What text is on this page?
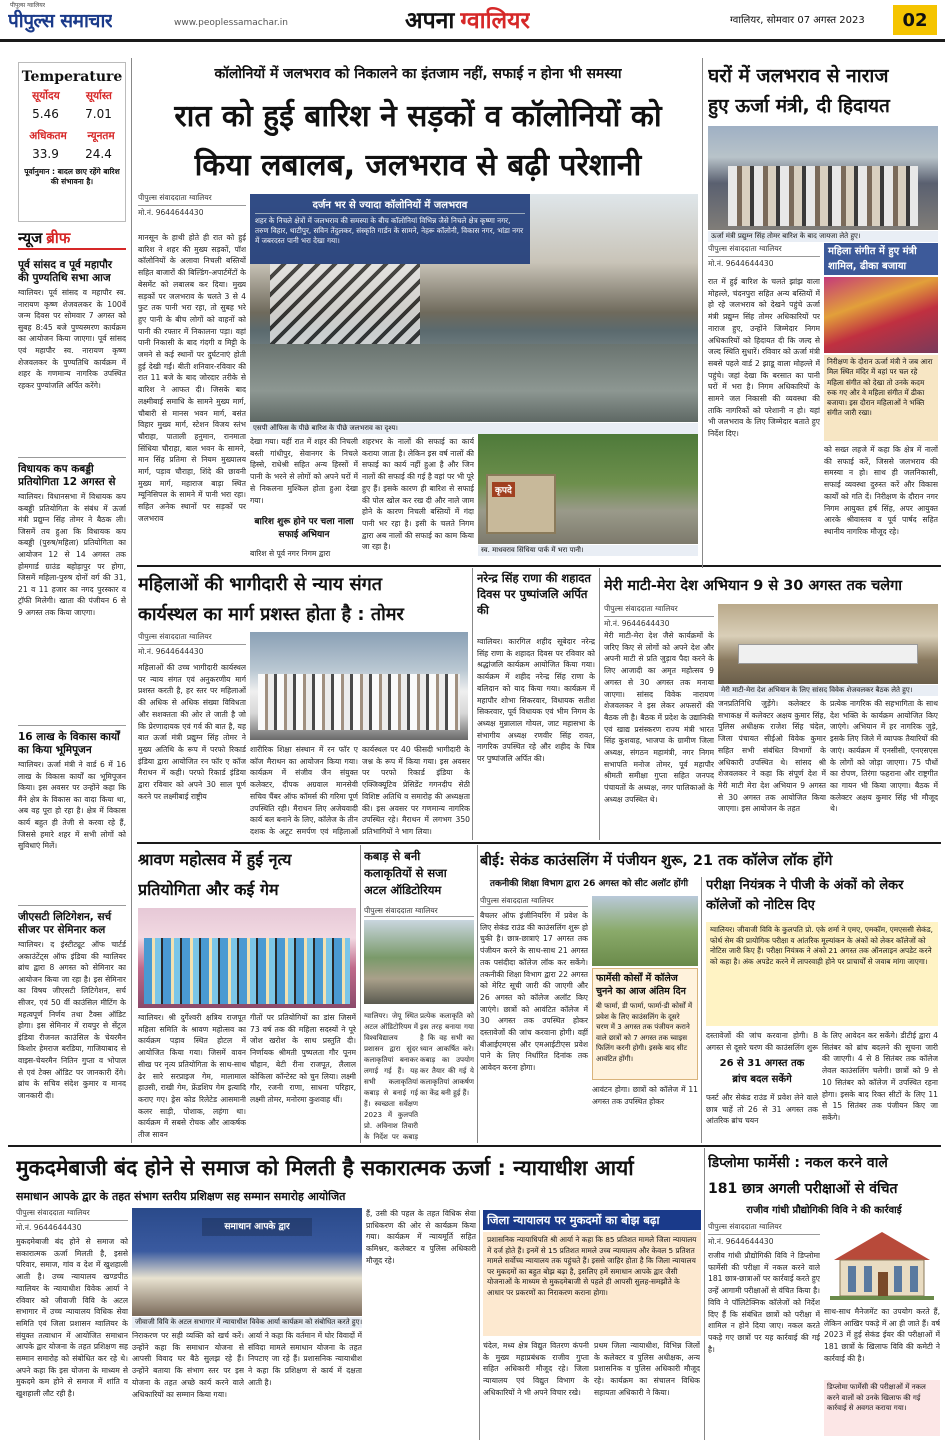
पीपुल्स ग्वालियर
पीपुल्स समाचार	www.peoplessamachar.in	अपना ग्वालियर	ग्वालियर, सोमवार 07 अगस्त 2023	02
Temperature
सूर्योदय सूर्यास्त
5.46 7.01
अधिकतम न्यूनतम
33.9 24.4
पूर्वानुमान : बादल छाए रहेंगे बारिश की संभावना है।
न्यूज ब्रीफ
पूर्व सांसद व पूर्व महापौर की पुण्यतिथि सभा आज
ग्वालियर। पूर्व सांसद व महापौर स्व. नारायण कृष्ण शेजवलकर के 100वें जन्म दिवस पर सोमवार 7 अगस्त को सुबह 8:45 बजे पुण्यस्मरण कार्यक्रम का आयोजन किया जाएगा। पूर्व सांसद एवं महापौर स्व. नारायण कृष्ण शेजवलकर के पुण्यतिथि कार्यक्रम में शहर के गणमान्य नागरिक उपस्थित रहकर पुण्यांजलि अर्पित करेंगे।
विधायक कप कबड्डी प्रतियोगिता 12 अगस्त से
ग्वालियर। विधानसभा में विधायक कप कबड्डी प्रतियोगिता के संबंध में ऊर्जा मंत्री प्रद्युम्न सिंह तोमर ने बैठक ली। जिसमें तय हुआ कि विधायक कप कबड्डी (पुरुष/महिला) प्रतियोगिता का आयोजन 12 से 14 अगस्त तक होमगार्ड ग्राउंड बहोड़ापुर पर होगा, जिसमें महिला-पुरुष दोनों वर्ग की 31, 21 व 11 हजार का नगद पुरस्कार व ट्रॉफी मिलेगी। खाता की पंजीयन 6 से 9 अगस्त तक किया जाएगा।
16 लाख के विकास कार्यों का किया भूमिपूजन
ग्वालियर। ऊर्जा मंत्री ने वार्ड 6 में 16 लाख के विकास कार्यों का भूमिपूजन किया। इस अवसर पर उन्होंने कहा कि मैंने क्षेत्र के विकास का वादा किया था, अब वह पूरा हो रहा है। क्षेत्र में विकास कार्य बहुत ही तेजी से करवा रहे हैं, जिससे हमारे शहर में सभी लोगों को सुविधाएं मिलें।
जीएसटी लिटिगेशन, सर्च सीजर पर सेमिनार कल
ग्वालियर। द इंस्टीट्यूट ऑफ चार्टर्ड अकाउंटेंट्स ऑफ इंडिया की ग्वालियर ब्रांच द्वारा 8 अगस्त को सेमिनार का आयोजन किया जा रहा है। इस सेमिनार का विषय जीएसटी लिटिगेशन, सर्च सीजर, एवं 50 वीं काउंसिल मीटिंग के महत्वपूर्ण निर्णय तथा टैक्स ऑडिट होगा। इस सेमिनार में रायपुर से सेंट्रल इंडिया रीजनल काउंसिल के चेयरमैन किशोर हेमराज बरडिया, गाजियाबाद से वाइस-चेयरमैन नितिन गुप्ता व भोपाल से एवं टेक्स ऑडिट पर जानकारी देंगे। ब्रांच के सचिव संदेश कुमार व मानद जानकारी दी।
कॉलोनियों में जलभराव को निकालने का इंतजाम नहीं, सफाई न होना भी समस्या
रात को हुई बारिश ने सड़कों व कॉलोनियों को
किया लबालब, जलभराव से बढ़ी परेशानी
पीपुल्स संवाददाता ग्वालियर
मो.नं. 9644644430
मानसून के हाथी होते ही रात को हुई बारिश ने शहर की मुख्य सड़कों, पॉश कॉलोनियों के अलावा निचली बस्तियों सहित बाजारों की बिल्डिंग-अपार्टमेंटों के बेसमेंट को लबालब कर दिया। मुख्य सड़कों पर जलभराव के चलते 3 से 4 फुट तक पानी भरा रहा, तो सुबह भरे हुए पानी के बीच लोगों को वाहनों को पानी की रफ्तार में निकालना पड़ा। वहां पानी निकासी के बाद गंदगी व मिट्टी के जमने से कई स्थानों पर दुर्घटनाएं होती हुई देखी गईं। बीती शनिवार-रविवार की रात 11 बजे के बाद जोरदार तरीके से बारिश ने आफत दी। जिसके बाद लक्ष्मीबाई समाधि के सामने मुख्य मार्ग, चौबारी से मानस भवन मार्ग, बसंत विहार मुख्य मार्ग, स्टेशन विजय स्तंभ चौराहा, पाताली हनुमान, रानमाता सिंधिया चौराहा, बाल भवन के सामने, मान सिंह प्रतिमा से नियम मुख्यालय मार्ग, पड़ाव चौराहा, शिंदे की छावनी मुख्य मार्ग, महाराज बाड़ा स्थित म्यूनिसिपल के सामने में पानी भरा रहा। सहित अनेक स्थानों पर सड़कों पर जलभराव
दर्जन भर से ज्यादा कॉलोनियों में जलभराव
शहर के निचले क्षेत्रों में जलभराव की समस्या के बीच कॉलोनियां विभिन्न जैसे निचले क्षेत्र कृष्णा नगर, तरुण विहार, थाटीपुर, सविन तेंदुलकर, संस्कृति गार्डन के सामने, नेहरू कॉलोनी, विकास नगर, भांडा नगर में जबरदस्त पानी भरा देखा गया।
एसपी ऑफिस के पीछे बारिश के पीछे जलभराव का दृश्य।
देखा गया। यहीं रात में शहर की निचली बस्ती गांधीपुर, सेवानगर के निचले हिस्से, राधेश्री सहित अन्य हिस्सों में पानी के भरने से लोगों को अपने घरों में से निकलना मुश्किल होता हुआ देखा गया।
बारिश शुरू होने पर चला नाला सफाई अभियान
बारिश से पूर्व नगर निगम द्वारा
शहरभर के नालों की सफाई का कार्य कराया जाता है। लेकिन इस वर्ष नालों की सफाई का कार्य नहीं हुआ है और जिन नालों की सफाई की गई है वहां पर भी पूरे हुए हैं। इसके कारण ही बारिश से सफाई की पोल खोल कर रख दी और नाले जाम होने के कारण निचली बस्तियों में गंदा पानी भर रहा है। इसी के चलते निगम द्वारा अब नालों की सफाई का काम किया जा रहा है।
कृपदे
स्व. माधवराव सिंधिया पार्क में भरा पानी।
घरों में जलभराव से नाराज
हुए ऊर्जा मंत्री, दी हिदायत
ऊर्जा मंत्री प्रद्युम्न सिंह तोमर बारिश के बाद जायजा लेते हुए।
पीपुल्स संवाददाता ग्वालियर
मो.नं. 9644644430
रात में हुई बारिश के चलते झांझ वाला मोहल्ले, चंदनपुरा सहित अन्य बस्तियों में हो रहे जलभराव को देखने पहुंचे ऊर्जा मंत्री प्रद्युम्न सिंह तोमर अधिकारियों पर नाराज हुए, उन्होंने जिम्मेदार निगम अधिकारियों को हिदायत दी कि जल्द से जल्द स्थिति सुधारें। रविवार को ऊर्जा मंत्री सबसे पहले वार्ड 2 झाडू वाला मोहल्ले में पहुंचे। जहां देखा कि बरसात का पानी घरों में भरा है। निगम अधिकारियों के सामने जल निकासी की व्यवस्था की ताकि नागरिकों को परेशानी न हो। यहां भी जलभराव के लिए जिम्मेदार बताते हुए निर्देश दिए।
महिला संगीत में हुए मंत्री शामिल, ढीका बजाया
निरीक्षण के दौरान ऊर्जा मंत्री ने जब आरा मिल स्थित मंदिर में वहां पर चल रहे महिला संगीत को देखा तो उनके कदम रुक गए और वे महिला संगीत में ढीका बजाया। इस दौरान महिलाओं ने भक्ति संगीत जारी रखा।
को सख्त लहजे में कहा कि क्षेत्र में नालों की सफाई करें, जिससे जलभराव की समस्या न हो। साथ ही जलनिकासी, सफाई व्यवस्था दुरुस्त करें और विकास कार्यों को गति दें। निरीक्षण के दौरान नगर निगम आयुक्त हर्ष सिंह, अपर आयुक्त आरके श्रीवास्तव व पूर्व पार्षद सहित स्थानीय नागरिक मौजूद रहे।
महिलाओं की भागीदारी से न्याय संगत
कार्यस्थल का मार्ग प्रशस्त होता है : तोमर
पीपुल्स संवाददाता ग्वालियर
मो.नं. 9644644430
महिलाओं की उच्च भागीदारी कार्यस्थल पर न्याय संगत एवं अनुकरणीय मार्ग प्रशस्त करती है, हर स्तर पर महिलाओं की अधिक से अधिक संख्या विविधता और सशक्तता की ओर ले जाती है जो कि प्रेरणादायक एवं गर्व की बात है, यह बात ऊर्जा मंत्री प्रद्युम्न सिंह तोमर ने मुख्य अतिथि के रूप में परफो रिकार्ड इंडिया द्वारा आयोजित रन फॉर ए कॉज मैराथन में कही। परफो रिकार्ड इंडिया द्वारा रविवार को अपने 30 साल पूर्ण करने पर लक्ष्मीबाई राष्ट्रीय
शारीरिक शिक्षा संस्थान में रन फॉर ए कॉज मैराथन का आयोजन किया गया। कार्यक्रम में संजीव जैन संयुक्त कलेक्टर, दीपक अग्रवाल मानसेवी सचिव चैंबर ऑफ कॉमर्स की गरिमा पूर्ण उपस्थिति रही। मैराथन लिए अजेयवादी कार्य बल बनाने के लिए, कॉलेज के तीन दशक के अटूट समर्पण एवं महिलाओं
कार्यस्थल पर 40 फीसदी भागीदारी के जश्न के रूप में किया गया। इस अवसर पर परफो रिकार्ड इंडिया के एक्जिक्यूटिव प्रेसिडेंट गगनदीप सेठी विशिष्ट अतिथि व समारोह की अध्यक्षता की। इस अवसर पर गणमान्य नागरिक उपस्थित रहे। मैराथन में लगभग 350 प्रतिभागियों ने भाग लिया।
नरेन्द्र सिंह राणा की शहादत दिवस पर पुष्पांजलि अर्पित की
ग्वालियर। कारगिल शहीद सूबेदार नरेन्द्र सिंह राणा के शहादत दिवस पर रविवार को श्रद्धांजलि कार्यक्रम आयोजित किया गया। कार्यक्रम में शहीद नरेन्द्र सिंह राणा के बलिदान को याद किया गया। कार्यक्रम में महापौर शोभा सिकरवार, विधायक सतीश सिकरवार, पूर्व विधायक एवं भीम निगम के अध्यक्ष मुन्नालाल गोयल, जाट महासभा के संभागीय अध्यक्ष रणवीर सिंह रावत, नागरिक उपस्थित रहे और शहीद के चित्र पर पुष्पांजलि अर्पित की।
मेरी माटी-मेरा देश अभियान 9 से 30 अगस्त तक चलेगा
पीपुल्स संवाददाता ग्वालियर
मो.नं. 9644644430
मेरी माटी-मेरा देश जैसे कार्यक्रमों के जरिए किए से लोगों को अपने देश और अपनी माटी से प्रति जुड़ाव पैदा करने के लिए आजादी का अमृत महोत्सव 9 अगस्त से 30 अगस्त तक मनाया जाएगा। सांसद विवेक नारायण शेजवलकर ने इस लेकर अफसरों की बैठक ली है। बैठक में प्रदेश के उद्यानिकी एवं खाद्य प्रसंस्करण राज्य मंत्री भारत सिंह कुशवाह, भाजपा के ग्रामीण जिला अध्यक्ष, संगठन महामंत्री, नगर निगम सभापति मनोज तोमर, पूर्व महापौर श्रीमती समीक्षा गुप्ता सहित जनपद पंचायतों के अध्यक्ष, नगर पालिकाओं के अध्यक्ष उपस्थित थे।
मेरी माटी-मेरा देश अभियान के लिए सांसद विवेक शेजवलकर बैठक लेते हुए।
जनप्रतिनिधि जुड़ेंगे। कलेक्टर के सभाकक्ष में कलेक्टर अक्षय कुमार सिंह, पुलिस अधीक्षक राजेश सिंह चंदेल, जिला पंचायत सीईओ विवेक कुमार सहित सभी संबंधित विभागों के अधिकारी उपस्थित थे। सांसद श्री शेजवलकर ने कहा कि संपूर्ण देश में मेरी माटी मेरा देश अभियान 9 अगस्त से 30 अगस्त तक आयोजित किया जाएगा। इस आयोजन के तहत
प्रत्येक नागरिक की सहभागिता के साथ देश भक्ति के कार्यक्रम आयोजित किए जाएंगे। अभियान में हर नागरिक जुड़े, इसके लिए जिले में व्यापक तैयारियों की जाएं। कार्यक्रम में एनसीसी, एनएसएस के लोगों को जोड़ा जाएगा। 75 पौधों का रोपण, तिरंगा फहराना और राष्ट्रगीत का गायन भी किया जाएगा। बैठक में कलेक्टर अक्षय कुमार सिंह भी मौजूद थे।
श्रावण महोत्सव में हुई नृत्य
प्रतियोगिता और कई गेम
ग्वालियर। श्री दुर्गेश्वरी क्षत्रिय राजपूत महिला समिति के श्रावण महोत्सव का कार्यक्रम पड़ाव स्थित होटल में आयोजित किया गया। जिसमें वावन सीख पर नृत्य प्रतियोगिता के साथ-साथ ढेर सारे सरप्राइज गेम, मालामाल हाउसी, राखी गेम, फ्रेंडशिप गेम इत्यादि कराए गए। ड्रेस कोड रिलेटेड आसमानी कलर साड़ी, पोशाक, लहंगा था। कार्यक्रम में सबसे रोचक और आकर्षक तीज सावन
गीतों पर प्रतियोगियों का डांस जिसमें 73 वर्ष तक की महिला सदस्यों ने पूरे जोश खरोश के साथ प्रस्तुति दी। निर्णायक श्रीमती पुष्पलता गौर पूनम चौहान, बेटी रीना राजपूत, लैलाल कोकिला कॉन्टेस्ट को चुन लिया। लक्ष्मी गौर, रजनी राणा, साधना परिहार, लक्ष्मी तोमर, मनोरमा कुशवाह थीं।
कबाड़ से बनी
कलाकृतियों से सजा
अटल ऑडिटोरियम
पीपुल्स संवाददाता ग्वालियर
ग्वालियर। जेयू स्थित अटल ऑडिटोरियम में विश्वविद्यालय प्रशासन द्वारा सुंदर कलाकृतियां बनाकर लगाई गई हैं। यह सभी कलाकृतियां कबाड़ से बनाई गई हैं। स्वच्छता सर्वेक्षण 2023 में कुलपति प्रो. अविनाश तिवारी के निर्देश पर कबाड़
प्रत्येक कलाकृति को इस तरह बनाया गया है कि वह सभी का ध्यान आकर्षित करे। कबाड़ का उपयोग कर तैयार की गई ये कलाकृतियां आकर्षण का केंद्र बनी हुई हैं।
बीई: सेकंड काउंसलिंग में पंजीयन शुरू, 21 तक कॉलेज लॉक होंगे
तकनीकी शिक्षा विभाग द्वारा 26 अगस्त को सीट अलॉट होंगी
पीपुल्स संवाददाता ग्वालियर
बैचलर ऑफ इंजीनियरिंग में प्रवेश के लिए सेकंड राउंड की काउंसलिंग शुरू हो चुकी है। छात्र-छात्राएं 17 अगस्त तक पंजीयन करने के साथ-साथ 21 अगस्त तक पसंदीदा कॉलेज लॉक कर सकेंगे। तकनीकी शिक्षा विभाग द्वारा 22 अगस्त को मेरिट सूची जारी की जाएगी और 26 अगस्त को कॉलेज अलॉट किए जाएंगे। छात्रों को आवंटित कॉलेज में 30 अगस्त तक उपस्थित होकर दस्तावेजों की जांच करवाना होगी। वहीं बीआईएमएस और एमआईटीएस प्रवेश पाने के लिए निर्धारित दिनांक तक आवेदन करना होगा।
फार्मेसी कोर्सों में कॉलेज चुनने का आज अंतिम दिन
बी फार्मा, डी फार्मा, फार्मा-डी कोर्सों में प्रवेश के लिए काउंसलिंग के दूसरे चरण में 3 अगस्त तक पंजीयन कराने वाले छात्रों को 7 अगस्त तक च्वाइस फिलिंग करनी होगी। इसके बाद सीट आवंटित होंगी।
आवंटन होगा। छात्रों को कॉलेज में 11 अगस्त तक उपस्थित होकर
परीक्षा नियंत्रक ने पीजी के अंकों को लेकर कॉलेजों को नोटिस दिए
ग्वालियर। जीवाजी विवि के कुलपति प्रो. एके शर्मा ने एमए, एमकॉम, एमएससी सेकंड, फोर्थ सेम की प्रायोगिक परीक्षा व आंतरिक मूल्यांकन के अंकों को लेकर कॉलेजों को नोटिस जारी किए हैं। परीक्षा नियंत्रक ने अंको 21 अगस्त तक ऑनलाइन अपडेट करने को कहा है। अंक अपडेट करने में लापरवाही होने पर प्राचार्यों से जवाब मांगा जाएगा।
दस्तावेजों की जांच करवाना होगी। 8 अगस्त से दूसरे चरण की काउंसलिंग शुरू
26 से 31 अगस्त तक
ब्रांच बदल सकेंगे
फर्स्ट और सेकंड राउंड में प्रवेश लेने वाले छात्र चाहें तो 26 से 31 अगस्त तक आंतरिक ब्रांच चयन
के लिए आवेदन कर सकेंगे। डीटीई द्वारा 4 सितंबर को ब्रांच बदलने की सूचना जारी की जाएगी। 4 से 8 सितंबर तक कॉलेज लेवल काउंसलिंग चलेगी। छात्रों को 9 से 10 सितंबर को कॉलेज में उपस्थित रहना होगा। इसके बाद रिक्त सीटों के लिए 11 से 15 सितंबर तक पंजीयन किए जा सकेंगे।
मुकदमेबाजी बंद होने से समाज को मिलती है सकारात्मक ऊर्जा : न्यायाधीश आर्या
समाधान आपके द्वार के तहत संभाग स्तरीय प्रशिक्षण सह सम्मान समारोह आयोजित
पीपुल्स संवाददाता ग्वालियर
मो.नं. 9644644430
मुकदमेबाजी बंद होने से समाज को सकारात्मक ऊर्जा मिलती है, इससे परिवार, समाज, गांव व देश में खुशहाली आती है। उच्च न्यायालय खण्डपीठ ग्वालियर के न्यायाधीश विवेक आर्या ने रविवार को जीवाजी विवि के अटल सभागार में उच्च न्यायालय विधिक सेवा समिति एवं जिला प्रशासन ग्वालियर के संयुक्त तत्वाधान में आयोजित समाधान आपके द्वार योजना के तहत प्रशिक्षण सह सम्मान समारोह को संबोधित कर रहे थे। अपने कहा कि इस योजना के माध्यम से मुकदमे कम होने से समाज में शांति व खुशहाली लौट रही है।
समाधान आपके द्वार
जीवाजी विवि के अटल सभागार में न्यायाधीश विवेक आर्या कार्यक्रम को संबोधित करते हुए।
निराकरण पर सही व्यक्ति को खर्च करें। उन्होंने कहा कि समाधान योजना से आपसी विवाद घर बैठे सुलझ रहे हैं। उन्होंने बताया कि संभाग स्तर पर इस योजना के तहत अच्छे कार्य करने वाले अधिकारियों का सम्मान किया गया।
आर्या ने कहा कि वर्तमान में घोर विवादों में संविदा मामले समाधान योजना के तहत निपटाए जा रहे हैं। प्रशासनिक न्यायाधीश ने कहा कि प्रशिक्षण से कार्य में दक्षता आती है।
हैं, उसी की पहल के तहत विधिक सेवा प्राधिकरण की ओर से कार्यक्रम किया गया। कार्यक्रम में न्यायमूर्ति सहित कमिश्नर, कलेक्टर व पुलिस अधिकारी मौजूद रहे।
जिला न्यायालय पर मुकदमों का बोझ बढ़ा
प्रशासनिक न्यायाधिपति श्री आर्या ने कहा कि 85 प्रतिशत मामले जिला न्यायालय में दर्ज होते हैं। इनमें से 15 प्रतिशत मामले उच्च न्यायालय और केवल 5 प्रतिशत मामले सर्वोच्च न्यायालय तक पहुंचते हैं। इससे जाहिर होता है कि जिला न्यायालय पर मुकदमों का बहुत बोझ बढ़ा है, इसलिए हमें समाधान आपके द्वार जैसी योजनाओं के माध्यम से मुकदमेबाजी से पहले ही आपसी सुलह-समझौते के आधार पर प्रकरणों का निराकरण कराना होगा।
चंदेल, मध्य क्षेत्र विद्युत वितरण कंपनी के मुख्य महाप्रबंधक राजीव गुप्ता सहित अधिकारी मौजूद रहे। जिला न्यायालय एवं विद्युत विभाग के अधिकारियों ने भी अपने विचार रखे।
प्रथम जिला न्यायाधीश, विभिन्न जिलों के कलेक्टर व पुलिस अधीक्षक, अन्य प्रशासनिक व पुलिस अधिकारी मौजूद रहे। कार्यक्रम का संचालन विधिक सहायता अधिकारी ने किया।
डिप्लोमा फार्मेसी : नकल करने वाले
181 छात्र अगली परीक्षाओं से वंचित
राजीव गांधी प्रौद्योगिकी विवि ने की कार्रवाई
पीपुल्स संवाददाता ग्वालियर
मो.नं. 9644644430
राजीव गांधी प्रौद्योगिकी विवि ने डिप्लोमा फार्मेसी की परीक्षा में नकल करने वाले 181 छात्र-छात्राओं पर कार्रवाई करते हुए उन्हें आगामी परीक्षाओं से वंचित किया है। विवि ने पॉलिटेक्निक कॉलेजों को निर्देश दिए हैं कि संबंधित छात्रों को परीक्षा में शामिल न होने दिया जाए। नकल करते पकड़े गए छात्रों पर यह कार्रवाई की गई है।
साथ-साथ मैनेजमेंट का उपयोग करते हैं, लेकिन आखिर पकड़े में आ ही जाते हैं। वर्ष 2023 में हुई सेकंड ईयर की परीक्षाओं में 181 छात्रों के खिलाफ विवि की कमेटी ने कार्रवाई की है।
डिप्लोमा फार्मेसी की परीक्षाओं में नकल करने वालों को उनके खिलाफ की गई कार्रवाई से अवगत कराया गया।
